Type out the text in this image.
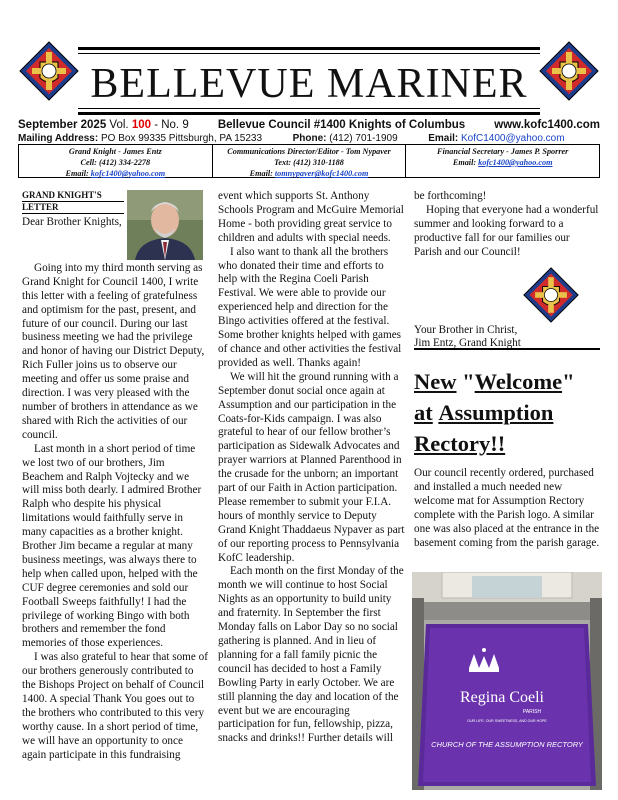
BELLEVUE MARINER
September 2025 Vol. 100 - No. 9	Bellevue Council #1400 Knights of Columbus	www.kofc1400.com
Mailing Address: PO Box 99335 Pittsburgh, PA 15233	Phone: (412) 701-1909	Email: KofC1400@yahoo.com
Grand Knight - James Entz
Cell: (412) 334-2278
Email: kofc1400@yahoo.com
Communications Director/Editor - Tom Nypaver
Text: (412) 310-1188
Email: tomnypaver@kofc1400.com
Financial Secretary - James P. Sporrer
Email: kofc1400@yahoo.com
GRAND KNIGHT'S
LETTER
Dear Brother Knights,

Going into my third month serving as Grand Knight for Council 1400, I write this letter with a feeling of gratefulness and optimism for the past, present, and future of our council. During our last business meeting we had the privilege and honor of having our District Deputy, Rich Fuller joins us to observe our meeting and offer us some praise and direction. I was very pleased with the number of brothers in attendance as we shared with Rich the activities of our council.

Last month in a short period of time we lost two of our brothers, Jim Beachem and Ralph Vojtecky and we will miss both dearly. I admired Brother Ralph who despite his physical limitations would faithfully serve in many capacities as a brother knight. Brother Jim became a regular at many business meetings, was always there to help when called upon, helped with the CUF degree ceremonies and sold our Football Sweeps faithfully! I had the privilege of working Bingo with both brothers and remember the fond memories of those experiences.

I was also grateful to hear that some of our brothers generously contributed to the Bishops Project on behalf of Council 1400. A special Thank You goes out to the brothers who contributed to this very worthy cause. In a short period of time, we will have an opportunity to once again participate in this fundraising

event which supports St. Anthony Schools Program and McGuire Memorial Home - both providing great service to children and adults with special needs.

I also want to thank all the brothers who donated their time and efforts to help with the Regina Coeli Parish Festival. We were able to provide our experienced help and direction for the Bingo activities offered at the festival. Some brother knights helped with games of chance and other activities the festival provided as well. Thanks again!

We will hit the ground running with a September donut social once again at Assumption and our participation in the Coats-for-Kids campaign. I was also grateful to hear of our fellow brother’s participation as Sidewalk Advocates and prayer warriors at Planned Parenthood in the crusade for the unborn; an important part of our Faith in Action participation. Please remember to submit your F.I.A. hours of monthly service to Deputy Grand Knight Thaddaeus Nypaver as part of our reporting process to Pennsylvania KofC leadership.

Each month on the first Monday of the month we will continue to host Social Nights as an opportunity to build unity and fraternity. In September the first Monday falls on Labor Day so no social gathering is planned. And in lieu of planning for a fall family picnic the council has decided to host a Family Bowling Party in early October. We are still planning the day and location of the event but we are encouraging participation for fun, fellowship, pizza, snacks and drinks!! Further details will

be forthcoming!

Hoping that everyone had a wonderful summer and looking forward to a productive fall for our families our Parish and our Council!

Your Brother in Christ,
Jim Entz, Grand Knight
New "Welcome"
at Assumption
Rectory!!
Our council recently ordered, purchased and installed a much needed new welcome mat for Assumption Rectory complete with the Parish logo. A similar one was also placed at the entrance in the basement coming from the parish garage.
Regina Coeli
PARISH
OUR LIFE, OUR SWEETNESS, AND OUR HOPE
CHURCH OF THE ASSUMPTION RECTORY
